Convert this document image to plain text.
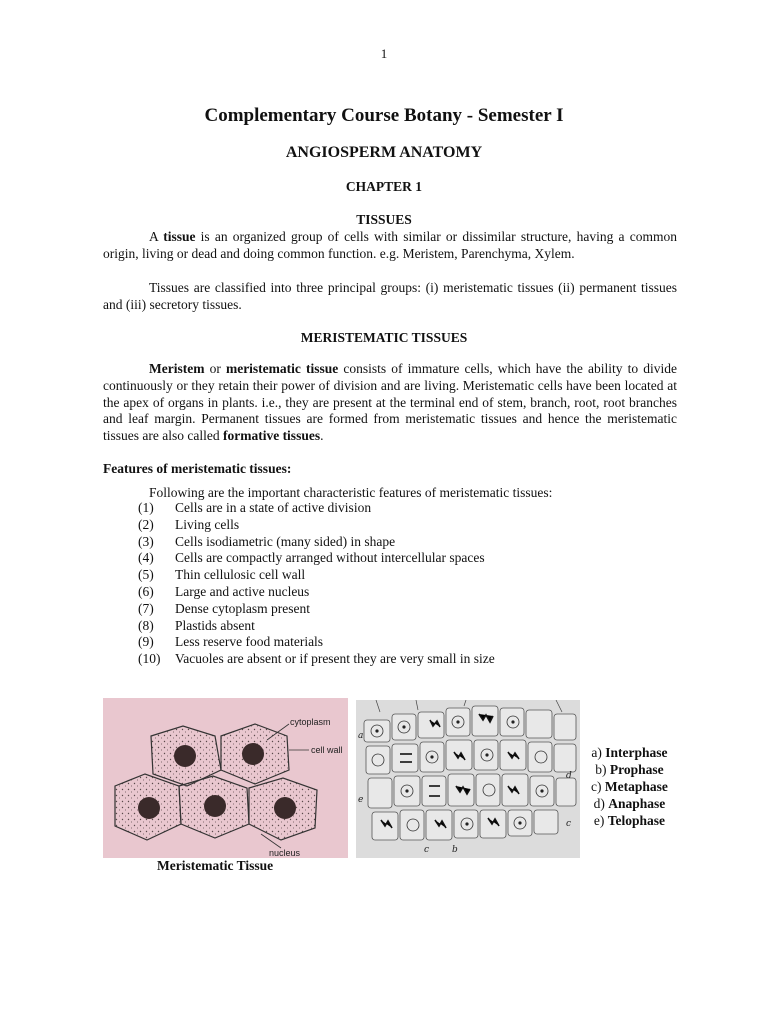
1
Complementary Course Botany - Semester I
ANGIOSPERM ANATOMY
CHAPTER 1
TISSUES
A tissue is an organized group of cells with similar or dissimilar structure, having a common origin, living or dead and doing common function. e.g. Meristem, Parenchyma, Xylem.
Tissues are classified into three principal groups: (i) meristematic tissues (ii) permanent tissues and (iii) secretory tissues.
MERISTEMATIC TISSUES
Meristem or meristematic tissue consists of immature cells, which have the ability to divide continuously or they retain their power of division and are living. Meristematic cells have been located at the apex of organs in plants. i.e., they are present at the terminal end of stem, branch, root, root branches and leaf margin. Permanent tissues are formed from meristematic tissues and hence the meristematic tissues are also called formative tissues.
Features of meristematic tissues:
Following are the important characteristic features of meristematic tissues:
(1)	Cells are in a state of active division
(2)	Living cells
(3)	Cells isodiametric (many sided) in shape
(4)	Cells are compactly arranged without intercellular spaces
(5)	Thin cellulosic cell wall
(6)	Large and active nucleus
(7)	Dense cytoplasm present
(8)	Plastids absent
(9)	Less reserve food materials
(10)	Vacuoles are absent or if present they are very small in size
cytoplasm
cell wall
nucleus
Meristematic Tissue
a
b
c
c
d
e
a) Interphase
b) Prophase
c) Metaphase
d) Anaphase
e) Telophase
